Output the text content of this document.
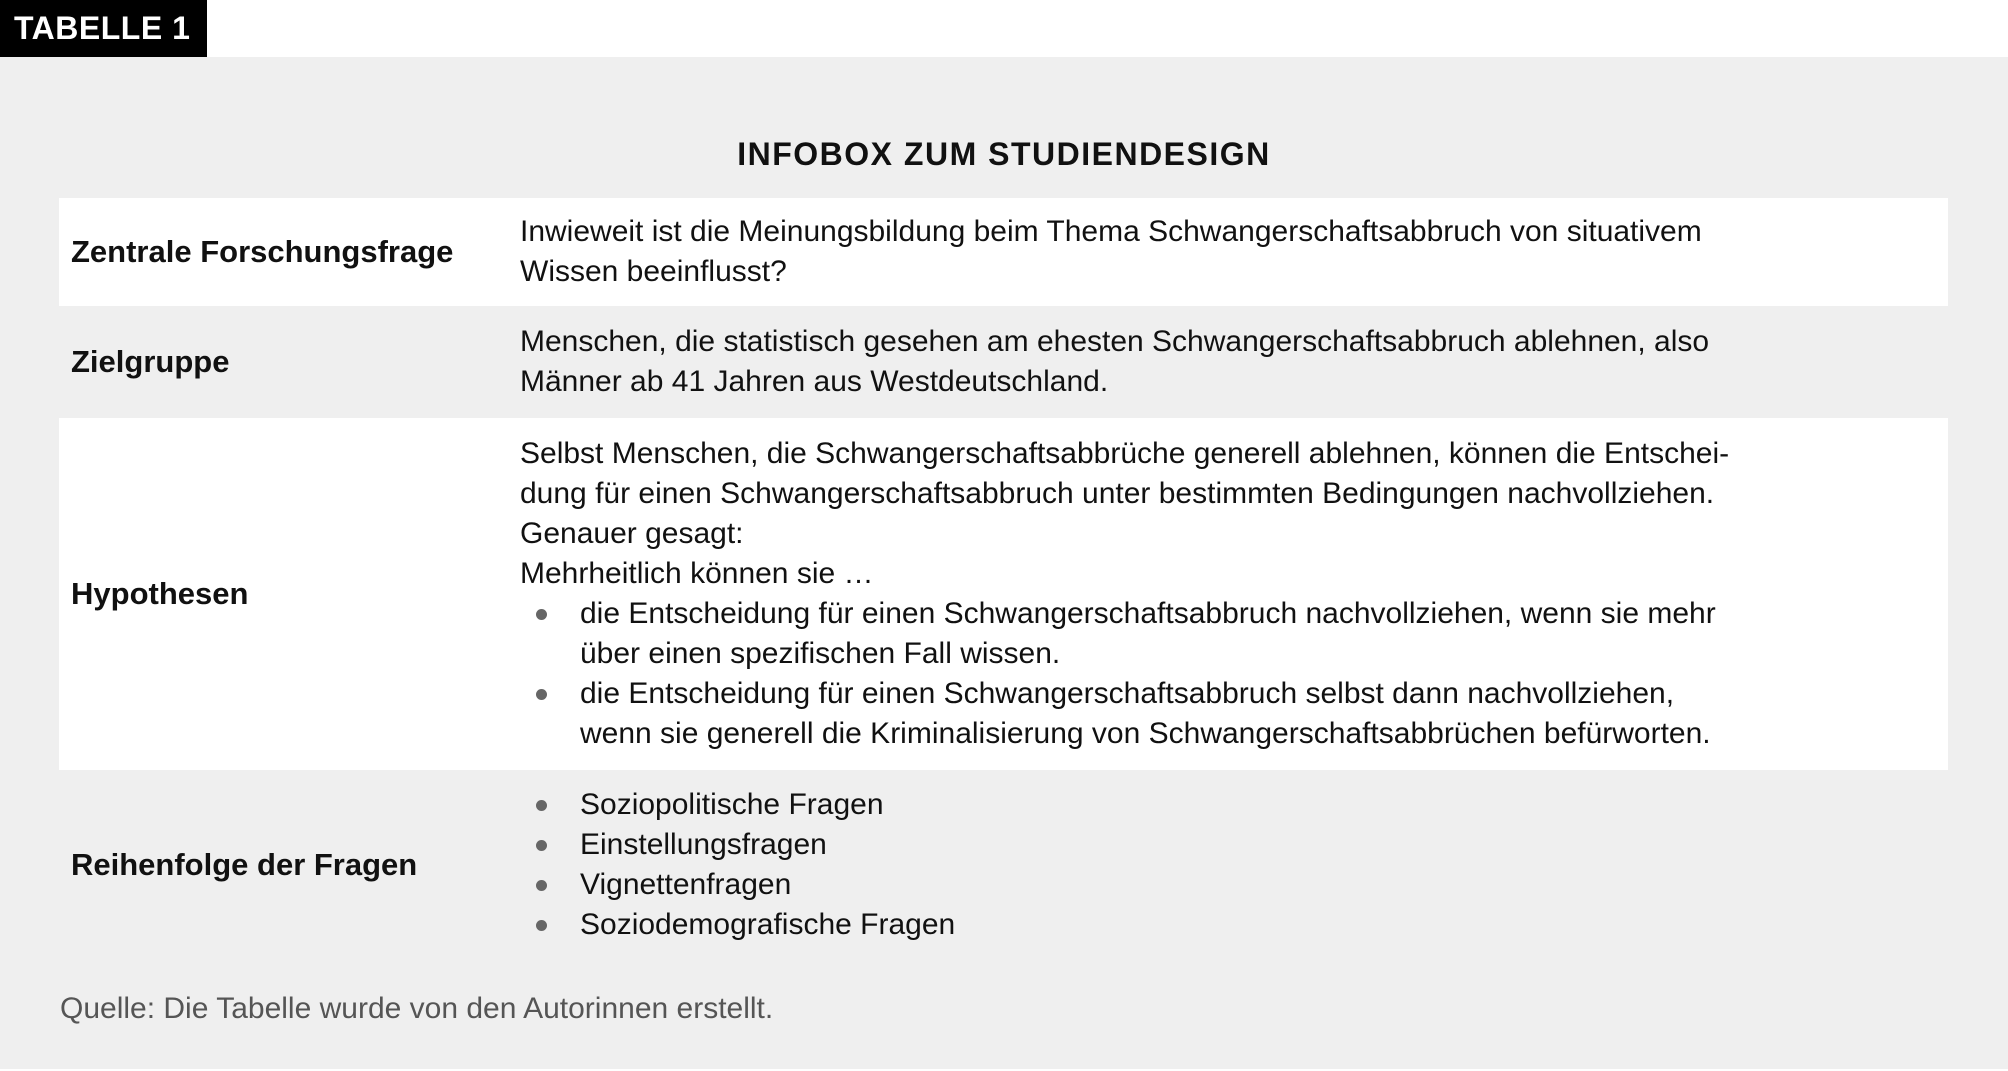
TABELLE 1
INFOBOX ZUM STUDIENDESIGN
Zentrale Forschungsfrage

Inwieweit ist die Meinungsbildung beim Thema Schwangerschaftsabbruch von situativem

Wissen beeinflusst?

Zielgruppe

Menschen, die statistisch gesehen am ehesten Schwangerschaftsabbruch ablehnen, also

Männer ab 41 Jahren aus Westdeutschland.

Hypothesen

Selbst Menschen, die Schwangerschaftsabbrüche generell ablehnen, können die Entschei-

dung für einen Schwangerschaftsabbruch unter bestimmten Bedingungen nachvollziehen.

Genauer gesagt:

Mehrheitlich können sie …

die Entscheidung für einen Schwangerschaftsabbruch nachvollziehen, wenn sie mehr
über einen spezifischen Fall wissen.
die Entscheidung für einen Schwangerschaftsabbruch selbst dann nachvollziehen,
wenn sie generell die Kriminalisierung von Schwangerschaftsabbrüchen befürworten.
Reihenfolge der Fragen
Soziopolitische Fragen
Einstellungsfragen
Vignettenfragen
Soziodemografische Fragen
Quelle: Die Tabelle wurde von den Autorinnen erstellt.
